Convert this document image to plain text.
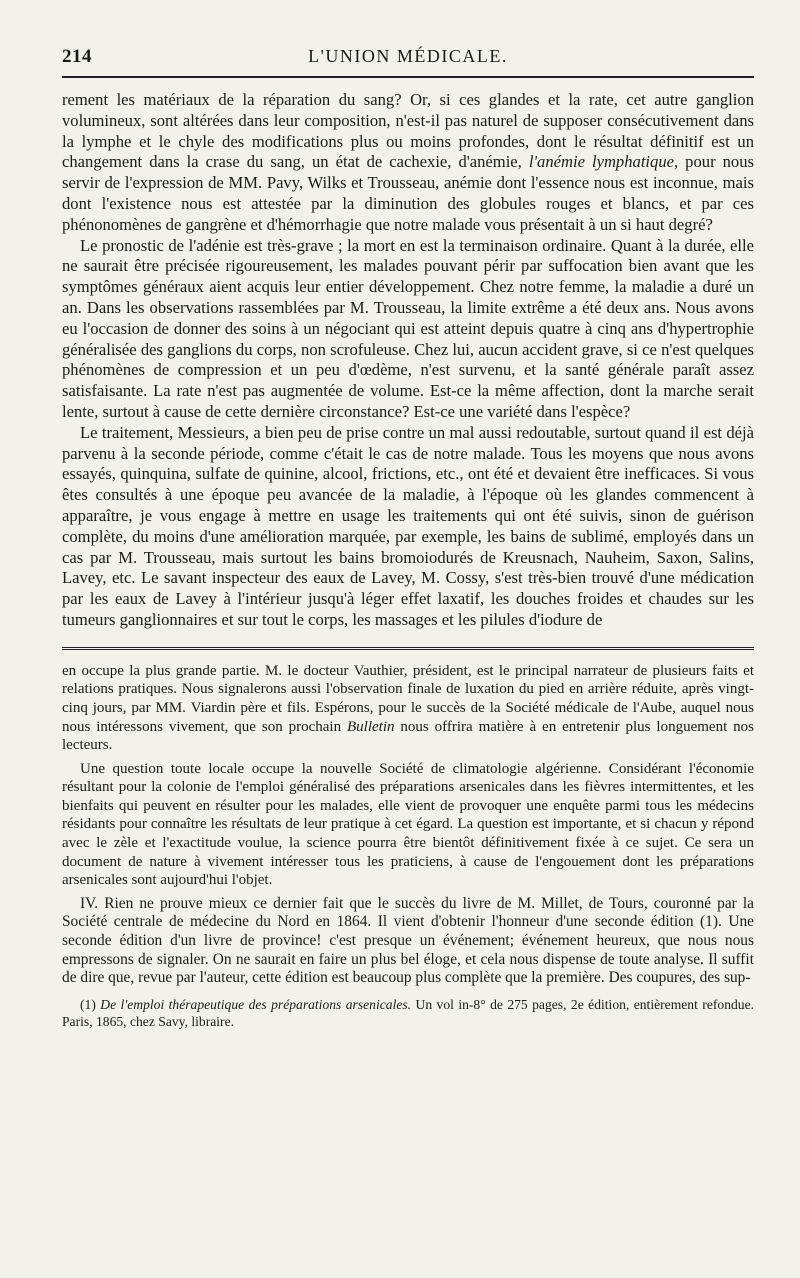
214	L'UNION MÉDICALE.

rement les matériaux de la réparation du sang? Or, si ces glandes et la rate, cet autre ganglion volumineux, sont altérées dans leur composition, n'est-il pas naturel de supposer consécutivement dans la lymphe et le chyle des modifications plus ou moins profondes, dont le résultat définitif est un changement dans la crase du sang, un état de cachexie, d'anémie, l'anémie lymphatique, pour nous servir de l'expression de MM. Pavy, Wilks et Trousseau, anémie dont l'essence nous est inconnue, mais dont l'existence nous est attestée par la diminution des globules rouges et blancs, et par ces phénonomènes de gangrène et d'hémorrhagie que notre malade vous présentait à un si haut degré?

Le pronostic de l'adénie est très-grave ; la mort en est la terminaison ordinaire. Quant à la durée, elle ne saurait être précisée rigoureusement, les malades pouvant périr par suffocation bien avant que les symptômes généraux aient acquis leur entier développement. Chez notre femme, la maladie a duré un an. Dans les observations rassemblées par M. Trousseau, la limite extrême a été deux ans. Nous avons eu l'occasion de donner des soins à un négociant qui est atteint depuis quatre à cinq ans d'hypertrophie généralisée des ganglions du corps, non scrofuleuse. Chez lui, aucun accident grave, si ce n'est quelques phénomènes de compression et un peu d'œdème, n'est survenu, et la santé générale paraît assez satisfaisante. La rate n'est pas augmentée de volume. Est-ce la même affection, dont la marche serait lente, surtout à cause de cette dernière circonstance? Est-ce une variété dans l'espèce?

Le traitement, Messieurs, a bien peu de prise contre un mal aussi redoutable, surtout quand il est déjà parvenu à la seconde période, comme c'était le cas de notre malade. Tous les moyens que nous avons essayés, quinquina, sulfate de quinine, alcool, frictions, etc., ont été et devaient être inefficaces. Si vous êtes consultés à une époque peu avancée de la maladie, à l'époque où les glandes commencent à apparaître, je vous engage à mettre en usage les traitements qui ont été suivis, sinon de guérison complète, du moins d'une amélioration marquée, par exemple, les bains de sublimé, employés dans un cas par M. Trousseau, mais surtout les bains bromoiodurés de Kreusnach, Nauheim, Saxon, Salins, Lavey, etc. Le savant inspecteur des eaux de Lavey, M. Cossy, s'est très-bien trouvé d'une médication par les eaux de Lavey à l'intérieur jusqu'à léger effet laxatif, les douches froides et chaudes sur les tumeurs ganglionnaires et sur tout le corps, les massages et les pilules d'iodure de

en occupe la plus grande partie. M. le docteur Vauthier, président, est le principal narrateur de plusieurs faits et relations pratiques. Nous signalerons aussi l'observation finale de luxation du pied en arrière réduite, après vingt-cinq jours, par MM. Viardin père et fils. Espérons, pour le succès de la Société médicale de l'Aube, auquel nous nous intéressons vivement, que son prochain Bulletin nous offrira matière à en entretenir plus longuement nos lecteurs.

Une question toute locale occupe la nouvelle Société de climatologie algérienne. Considérant l'économie résultant pour la colonie de l'emploi généralisé des préparations arsenicales dans les fièvres intermittentes, et les bienfaits qui peuvent en résulter pour les malades, elle vient de provoquer une enquête parmi tous les médecins résidants pour connaître les résultats de leur pratique à cet égard. La question est importante, et si chacun y répond avec le zèle et l'exactitude voulue, la science pourra être bientôt définitivement fixée à ce sujet. Ce sera un document de nature à vivement intéresser tous les praticiens, à cause de l'engouement dont les préparations arsenicales sont aujourd'hui l'objet.

IV. Rien ne prouve mieux ce dernier fait que le succès du livre de M. Millet, de Tours, couronné par la Société centrale de médecine du Nord en 1864. Il vient d'obtenir l'honneur d'une seconde édition (1). Une seconde édition d'un livre de province! c'est presque un événement; événement heureux, que nous nous empressons de signaler. On ne saurait en faire un plus bel éloge, et cela nous dispense de toute analyse. Il suffit de dire que, revue par l'auteur, cette édition est beaucoup plus complète que la première. Des coupures, des sup-

(1) De l'emploi thérapeutique des préparations arsenicales. Un vol in-8° de 275 pages, 2e édition, entièrement refondue. Paris, 1865, chez Savy, libraire.
